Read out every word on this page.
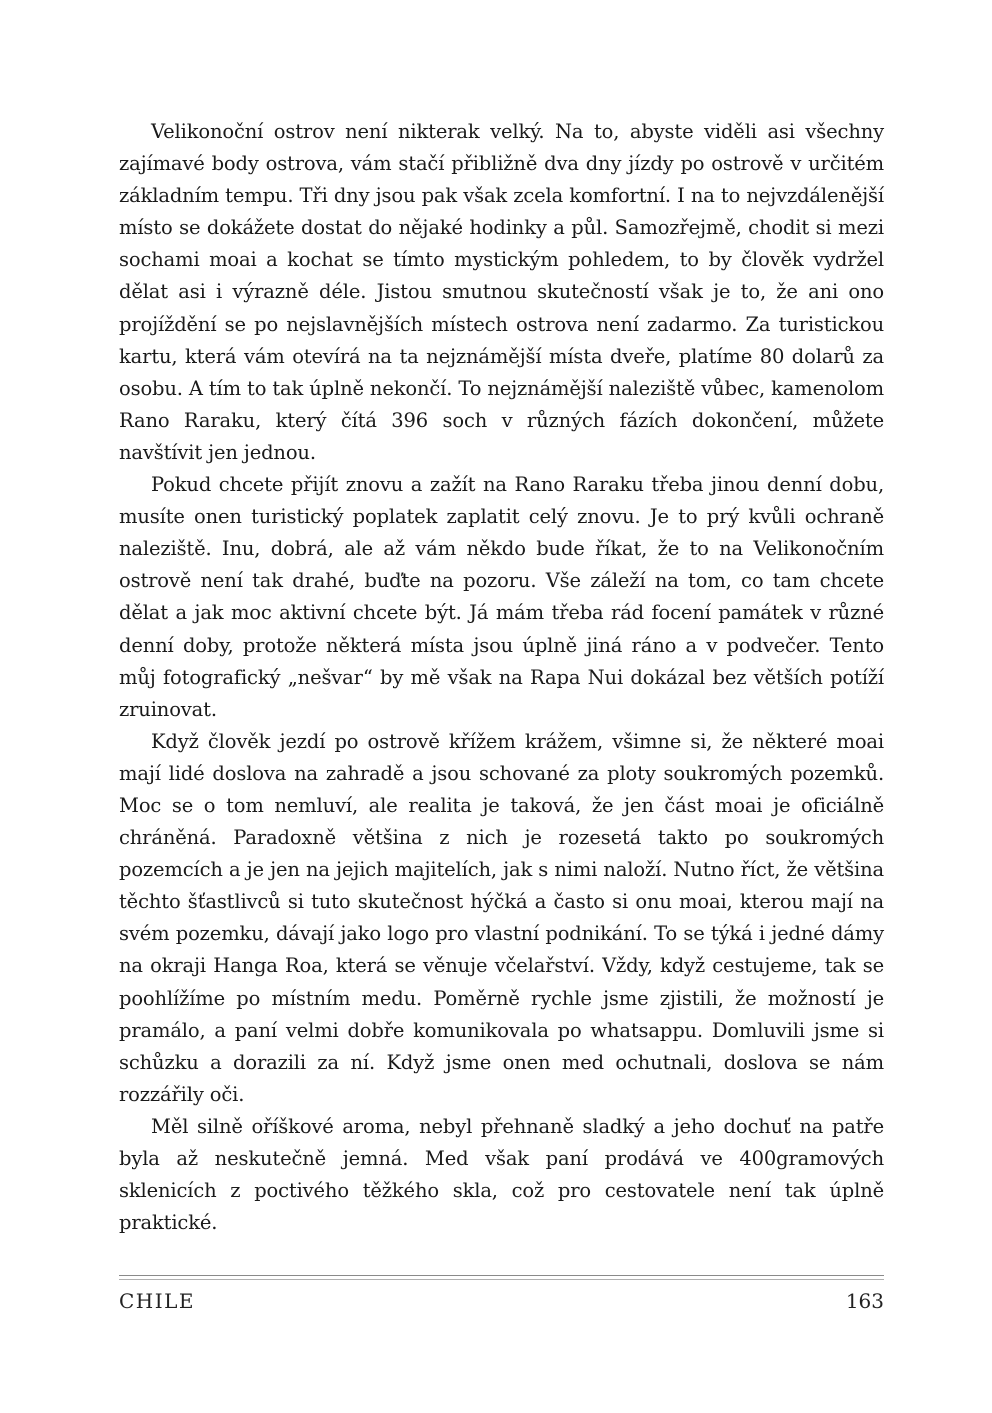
Velikonoční ostrov není nikterak velký. Na to, abyste viděli asi všechny zajímavé body ostrova, vám stačí přibližně dva dny jízdy po ostrově v určitém základním tempu. Tři dny jsou pak však zcela komfortní. I na to nejvzdálenější místo se dokážete dostat do nějaké hodinky a půl. Samozřejmě, chodit si mezi sochami moai a kochat se tímto mystickým pohledem, to by člověk vydržel dělat asi i výrazně déle. Jistou smutnou skutečností však je to, že ani ono projíždění se po nejslavnějších místech ostrova není zadarmo. Za turistickou kartu, která vám otevírá na ta nejznámější místa dveře, platíme 80 dolarů za osobu. A tím to tak úplně nekončí. To nejznámější naleziště vůbec, kamenolom Rano Raraku, který čítá 396 soch v různých fázích dokončení, můžete navštívit jen jednou.

Pokud chcete přijít znovu a zažít na Rano Raraku třeba jinou denní dobu, musíte onen turistický poplatek zaplatit celý znovu. Je to prý kvůli ochraně naleziště. Inu, dobrá, ale až vám někdo bude říkat, že to na Velikonočním ostrově není tak drahé, buďte na pozoru. Vše záleží na tom, co tam chcete dělat a jak moc aktivní chcete být. Já mám třeba rád focení památek v různé denní doby, protože některá místa jsou úplně jiná ráno a v podvečer. Tento můj fotografický „nešvar“ by mě však na Rapa Nui dokázal bez větších potíží zruinovat.

Když člověk jezdí po ostrově křížem krážem, všimne si, že některé moai mají lidé doslova na zahradě a jsou schované za ploty soukromých pozemků. Moc se o tom nemluví, ale realita je taková, že jen část moai je oficiálně chráněná. Paradoxně většina z nich je rozesetá takto po soukromých pozemcích a je jen na jejich majitelích, jak s nimi naloží. Nutno říct, že většina těchto šťastlivců si tuto skutečnost hýčká a často si onu moai, kterou mají na svém pozemku, dávají jako logo pro vlastní podnikání. To se týká i jedné dámy na okraji Hanga Roa, která se věnuje včelařství. Vždy, když cestujeme, tak se poohlížíme po místním medu. Poměrně rychle jsme zjistili, že možností je pramálo, a paní velmi dobře komunikovala po whatsappu. Domluvili jsme si schůzku a dorazili za ní. Když jsme onen med ochutnali, doslova se nám rozzářily oči.

Měl silně oříškové aroma, nebyl přehnaně sladký a jeho dochuť na patře byla až neskutečně jemná. Med však paní prodává ve 400gramových sklenicích z poctivého těžkého skla, což pro cestovatele není tak úplně praktické.

CHILE	163
